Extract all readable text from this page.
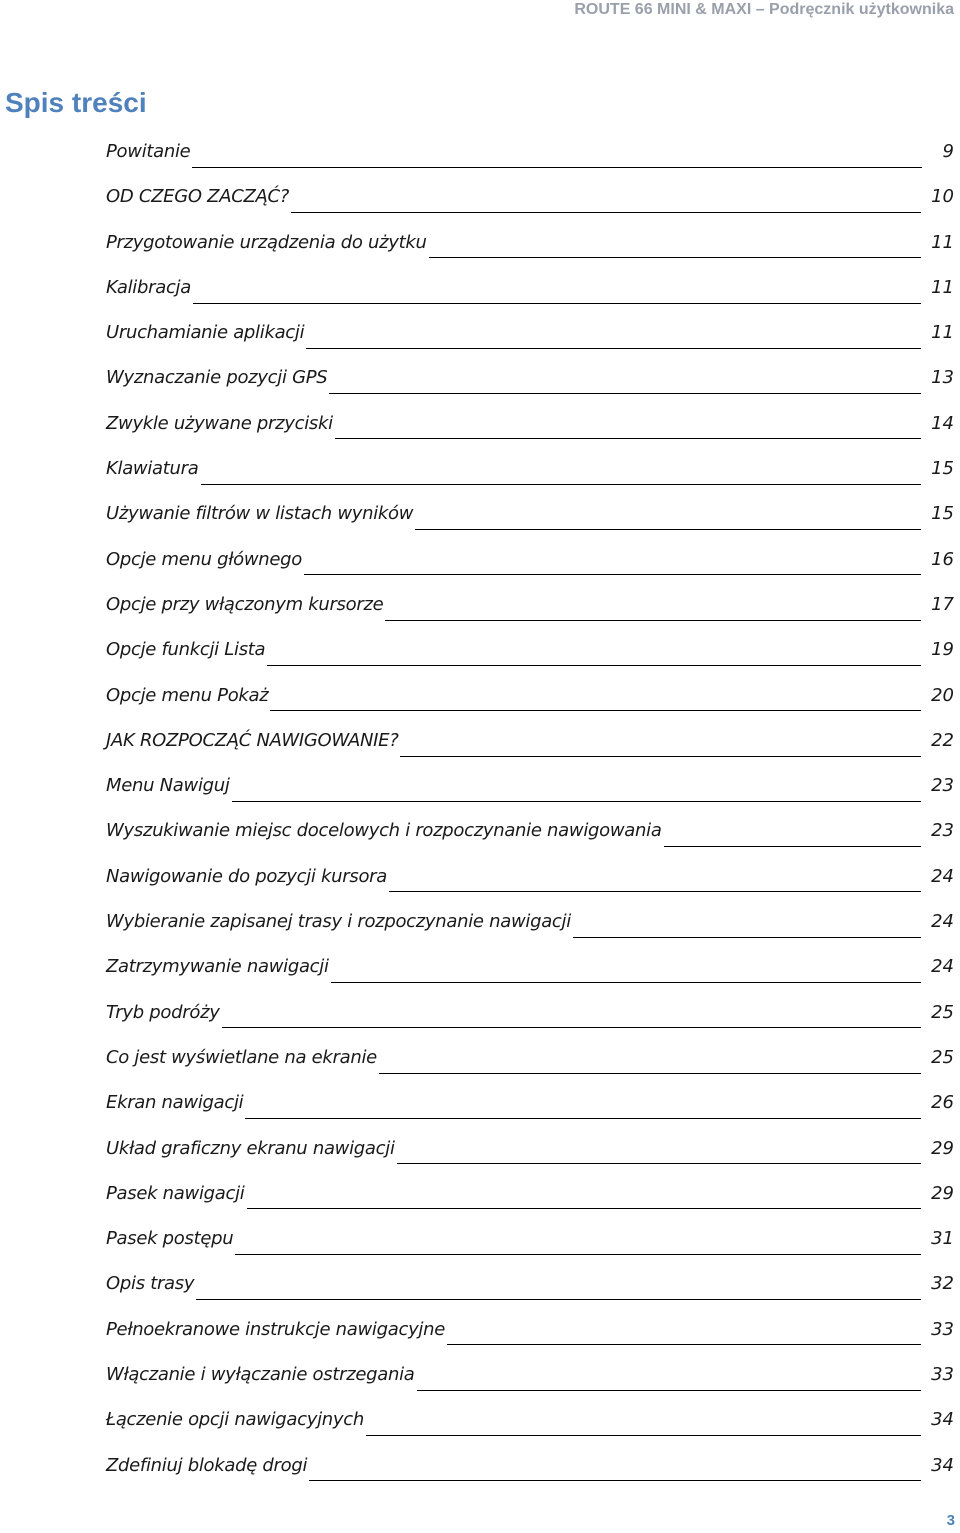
ROUTE 66 MINI & MAXI – Podręcznik użytkownika
Spis treści
Powitanie	9
OD CZEGO ZACZĄĆ?	10
Przygotowanie urządzenia do użytku	11
Kalibracja	11
Uruchamianie aplikacji	11
Wyznaczanie pozycji GPS	13
Zwykle używane przyciski	14
Klawiatura	15
Używanie filtrów w listach wyników	15
Opcje menu głównego	16
Opcje przy włączonym kursorze	17
Opcje funkcji Lista	19
Opcje menu Pokaż	20
JAK ROZPOCZĄĆ NAWIGOWANIE?	22
Menu Nawiguj	23
Wyszukiwanie miejsc docelowych i rozpoczynanie nawigowania	23
Nawigowanie do pozycji kursora	24
Wybieranie zapisanej trasy i rozpoczynanie nawigacji	24
Zatrzymywanie nawigacji	24
Tryb podróży	25
Co jest wyświetlane na ekranie	25
Ekran nawigacji	26
Układ graficzny ekranu nawigacji	29
Pasek nawigacji	29
Pasek postępu	31
Opis trasy	32
Pełnoekranowe instrukcje nawigacyjne	33
Włączanie i wyłączanie ostrzegania	33
Łączenie opcji nawigacyjnych	34
Zdefiniuj blokadę drogi	34
3
